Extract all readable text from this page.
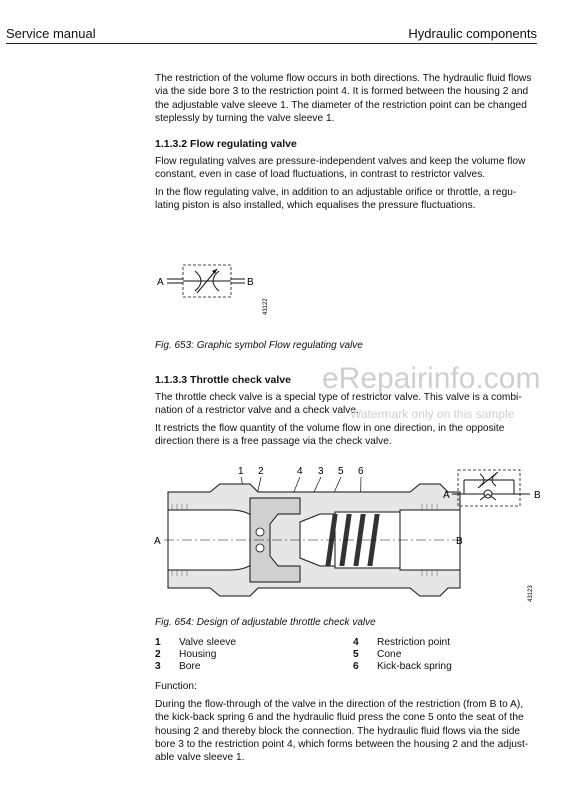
Service manual	Hydraulic components

The restriction of the volume flow occurs in both directions. The hydraulic fluid flows via the side bore 3 to the restriction point 4. It is formed between the housing 2 and the adjustable valve sleeve 1. The diameter of the restriction point can be changed steplessly by turning the valve sleeve 1.

1.1.3.2 Flow regulating valve

Flow regulating valves are pressure-independent valves and keep the volume flow constant, even in case of load fluctuations, in contrast to restrictor valves.

In the flow regulating valve, in addition to an adjustable orifice or throttle, a regu-lating piston is also installed, which equalises the pressure fluctuations.

A	B
43122
Fig. 653: Graphic symbol Flow regulating valve
eRepairinfo.com
1.1.3.3 Throttle check valve

The throttle check valve is a special type of restrictor valve. This valve is a combi-nation of a restrictor valve and a check valve.

It restricts the flow quantity of the volume flow in one direction, in the opposite direction there is a free passage via the check valve.

Watermark only on this sample
1 2	4 3 5 6
A	B
A	B
43123
Fig. 654: Design of adjustable throttle check valve
1 Valve sleeve
2 Housing
3 Bore
4 Restriction point
5 Cone
6 Kick-back spring
Function:

During the flow-through of the valve in the direction of the restriction (from B to A), the kick-back spring 6 and the hydraulic fluid press the cone 5 onto the seat of the housing 2 and thereby block the connection. The hydraulic fluid flows via the side bore 3 to the restriction point 4, which forms between the housing 2 and the adjust-able valve sleeve 1.
